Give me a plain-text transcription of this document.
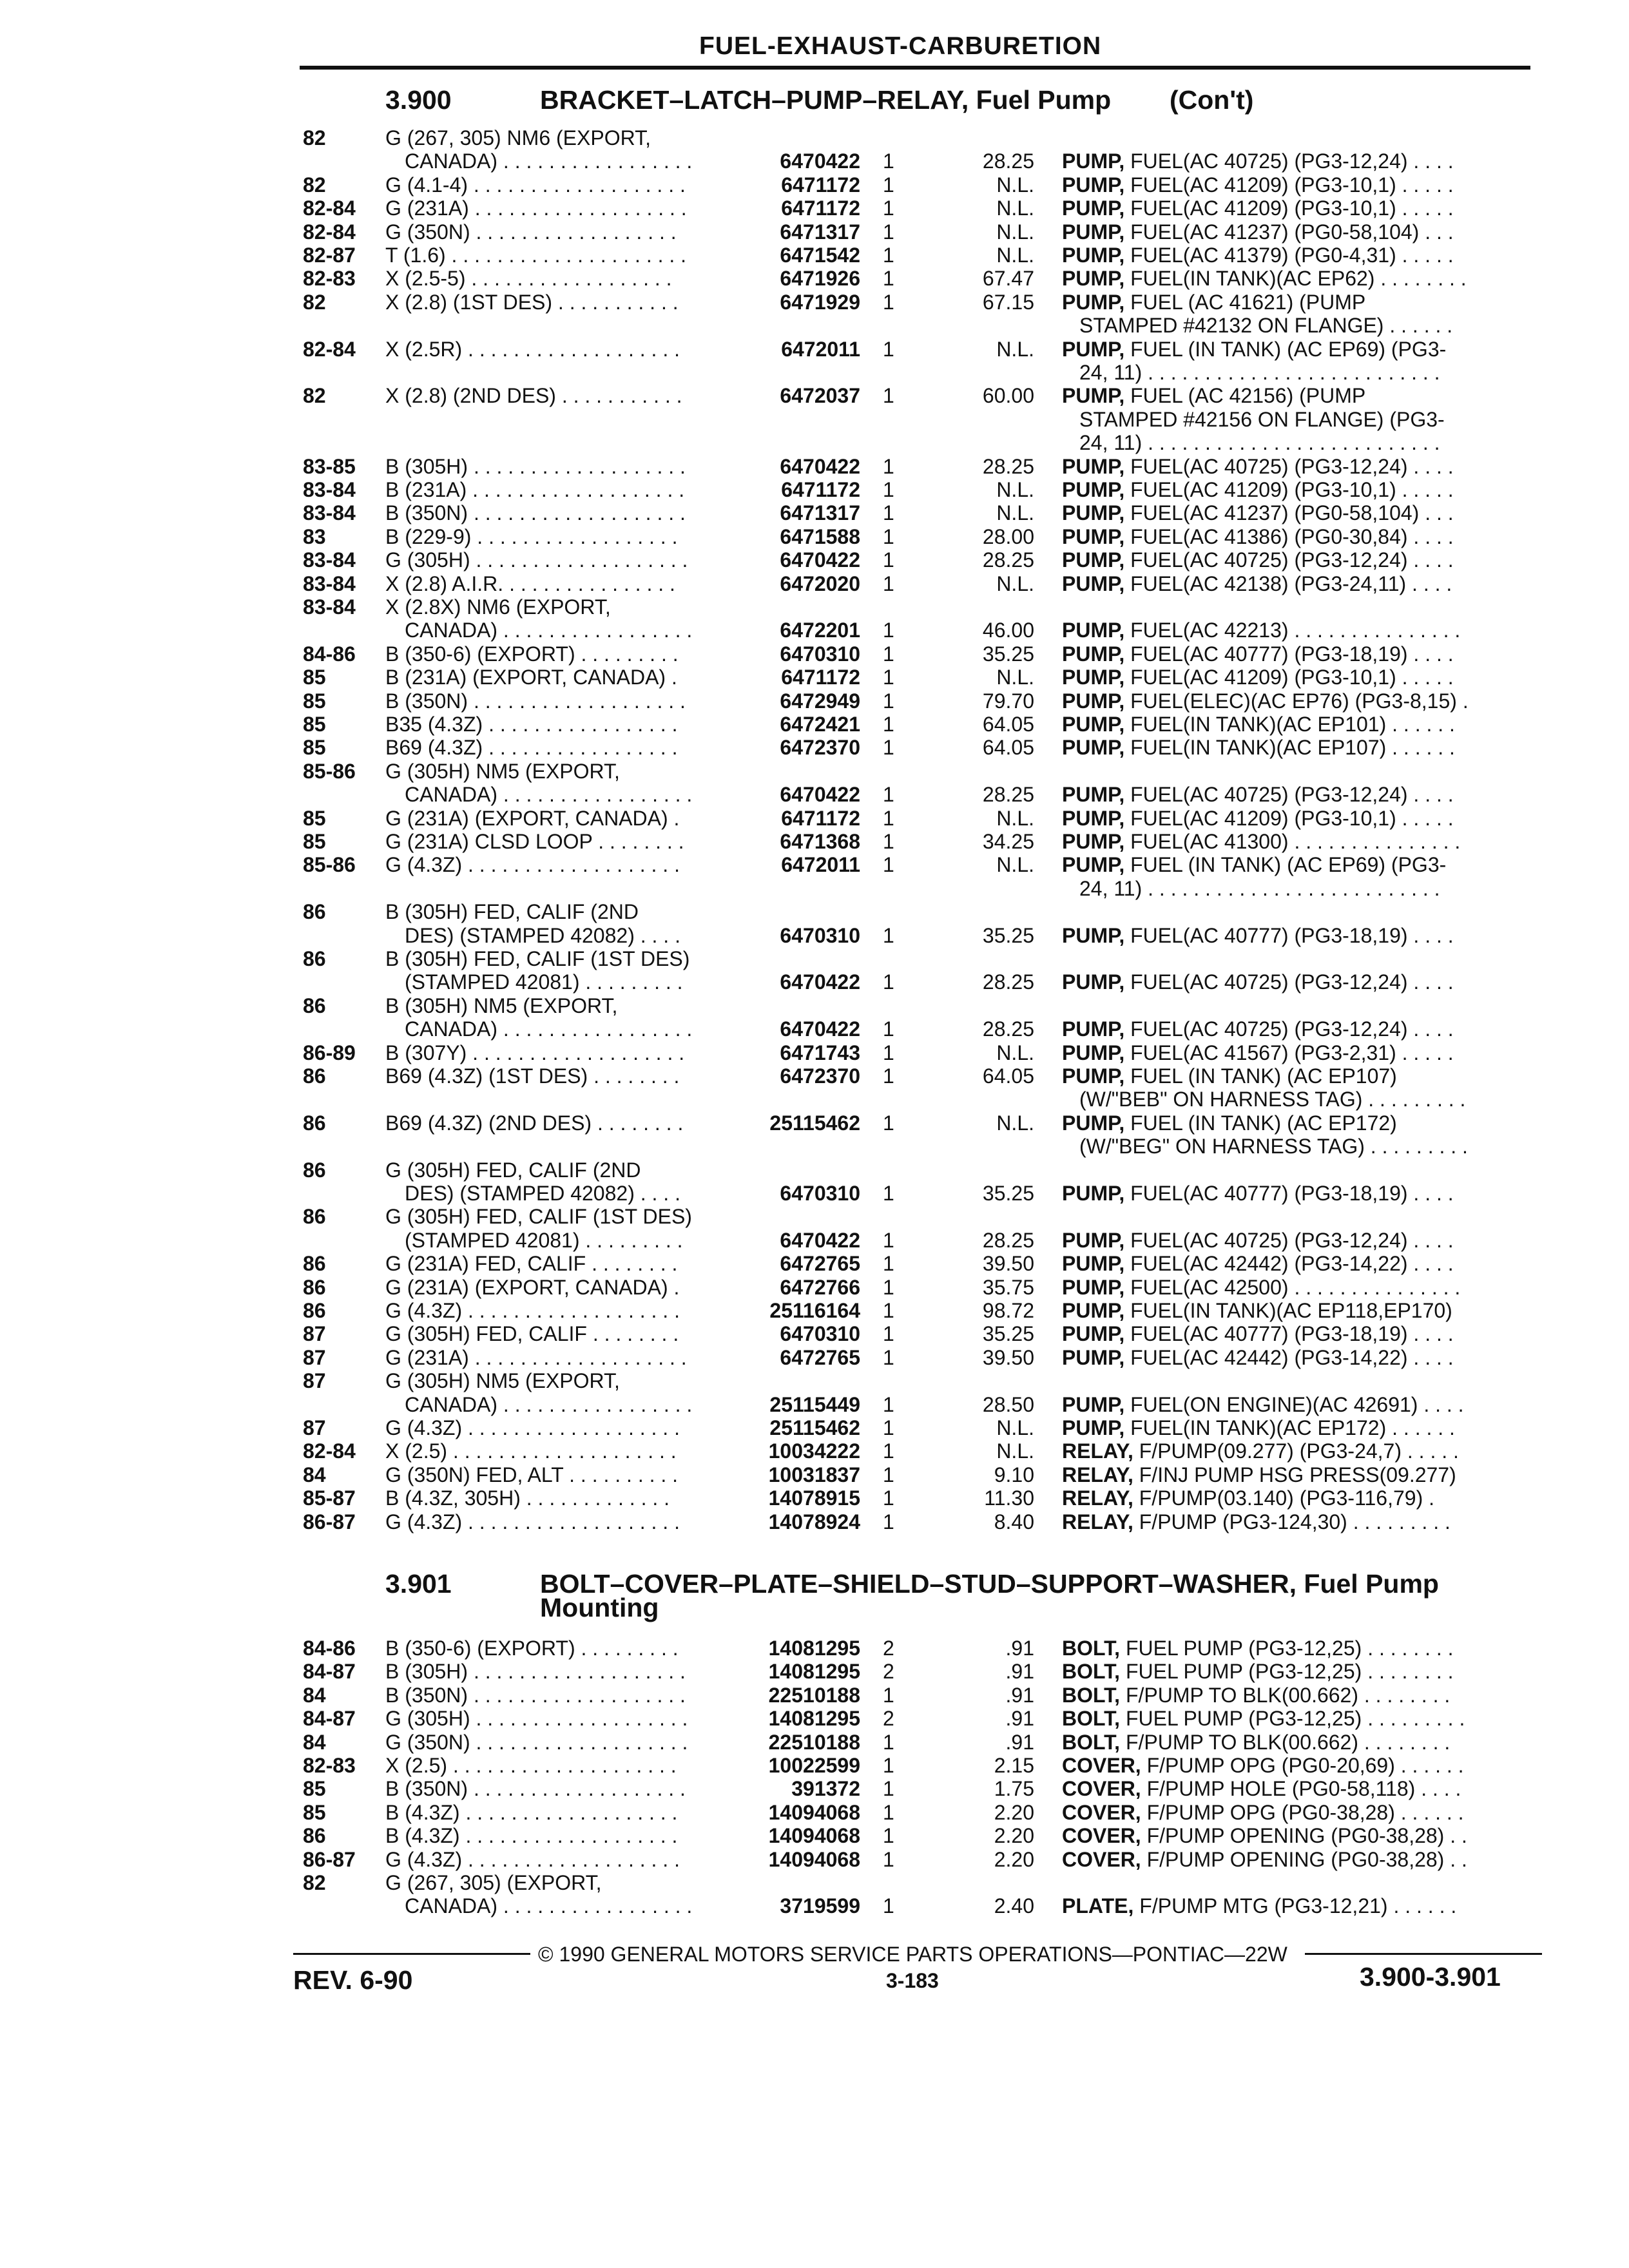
FUEL-EXHAUST-CARBURETION
3.900	BRACKET–LATCH–PUMP–RELAY, Fuel Pump (Con't)
82	G (267, 305) NM6 (EXPORT,
CANADA) . . . . . . . . . . . . . . . . .	6470422 1	28.25 PUMP, FUEL(AC 40725) (PG3-12,24) . . . .
82	G (4.1-4) . . . . . . . . . . . . . . . . . . .	6471172 1	N.L. PUMP, FUEL(AC 41209) (PG3-10,1) . . . . .
82-84	G (231A) . . . . . . . . . . . . . . . . . . .	6471172 1	N.L. PUMP, FUEL(AC 41209) (PG3-10,1) . . . . .
82-84	G (350N) . . . . . . . . . . . . . . . . . .	6471317 1	N.L. PUMP, FUEL(AC 41237) (PG0-58,104) . . .
82-87	T (1.6) . . . . . . . . . . . . . . . . . . . . .	6471542 1	N.L. PUMP, FUEL(AC 41379) (PG0-4,31) . . . . .
82-83	X (2.5-5) . . . . . . . . . . . . . . . . . .	6471926 1	67.47 PUMP, FUEL(IN TANK)(AC EP62) . . . . . . . .
82	X (2.8) (1ST DES) . . . . . . . . . . .	6471929 1	67.15 PUMP, FUEL (AC 41621) (PUMP
STAMPED #42132 ON FLANGE) . . . . . .
82-84	X (2.5R) . . . . . . . . . . . . . . . . . . .	6472011 1	N.L. PUMP, FUEL (IN TANK) (AC EP69) (PG3-
24, 11) . . . . . . . . . . . . . . . . . . . . . . . . . .
82	X (2.8) (2ND DES) . . . . . . . . . . .	6472037 1	60.00 PUMP, FUEL (AC 42156) (PUMP
STAMPED #42156 ON FLANGE) (PG3-
24, 11) . . . . . . . . . . . . . . . . . . . . . . . . . .
83-85	B (305H) . . . . . . . . . . . . . . . . . . .	6470422 1	28.25 PUMP, FUEL(AC 40725) (PG3-12,24) . . . .
83-84	B (231A) . . . . . . . . . . . . . . . . . . .	6471172 1	N.L. PUMP, FUEL(AC 41209) (PG3-10,1) . . . . .
83-84	B (350N) . . . . . . . . . . . . . . . . . . .	6471317 1	N.L. PUMP, FUEL(AC 41237) (PG0-58,104) . . .
83	B (229-9) . . . . . . . . . . . . . . . . . .	6471588 1	28.00 PUMP, FUEL(AC 41386) (PG0-30,84) . . . .
83-84	G (305H) . . . . . . . . . . . . . . . . . . .	6470422 1	28.25 PUMP, FUEL(AC 40725) (PG3-12,24) . . . .
83-84	X (2.8) A.I.R. . . . . . . . . . . . . . . .	6472020 1	N.L. PUMP, FUEL(AC 42138) (PG3-24,11) . . . .
83-84	X (2.8X) NM6 (EXPORT,
CANADA) . . . . . . . . . . . . . . . . .	6472201 1	46.00 PUMP, FUEL(AC 42213) . . . . . . . . . . . . . . .
84-86	B (350-6) (EXPORT) . . . . . . . . .	6470310 1	35.25 PUMP, FUEL(AC 40777) (PG3-18,19) . . . .
85	B (231A) (EXPORT, CANADA) .	6471172 1	N.L. PUMP, FUEL(AC 41209) (PG3-10,1) . . . . .
85	B (350N) . . . . . . . . . . . . . . . . . . .	6472949 1	79.70 PUMP, FUEL(ELEC)(AC EP76) (PG3-8,15) .
85	B35 (4.3Z) . . . . . . . . . . . . . . . . .	6472421 1	64.05 PUMP, FUEL(IN TANK)(AC EP101) . . . . . .
85	B69 (4.3Z) . . . . . . . . . . . . . . . . .	6472370 1	64.05 PUMP, FUEL(IN TANK)(AC EP107) . . . . . .
85-86	G (305H) NM5 (EXPORT,
CANADA) . . . . . . . . . . . . . . . . .	6470422 1	28.25 PUMP, FUEL(AC 40725) (PG3-12,24) . . . .
85	G (231A) (EXPORT, CANADA) .	6471172 1	N.L. PUMP, FUEL(AC 41209) (PG3-10,1) . . . . .
85	G (231A) CLSD LOOP . . . . . . . .	6471368 1	34.25 PUMP, FUEL(AC 41300) . . . . . . . . . . . . . . .
85-86	G (4.3Z) . . . . . . . . . . . . . . . . . . .	6472011 1	N.L. PUMP, FUEL (IN TANK) (AC EP69) (PG3-
24, 11) . . . . . . . . . . . . . . . . . . . . . . . . . .
86	B (305H) FED, CALIF (2ND
DES) (STAMPED 42082) . . . .	6470310 1	35.25 PUMP, FUEL(AC 40777) (PG3-18,19) . . . .
86	B (305H) FED, CALIF (1ST DES)
(STAMPED 42081) . . . . . . . . .	6470422 1	28.25 PUMP, FUEL(AC 40725) (PG3-12,24) . . . .
86	B (305H) NM5 (EXPORT,
CANADA) . . . . . . . . . . . . . . . . .	6470422 1	28.25 PUMP, FUEL(AC 40725) (PG3-12,24) . . . .
86-89	B (307Y) . . . . . . . . . . . . . . . . . . .	6471743 1	N.L. PUMP, FUEL(AC 41567) (PG3-2,31) . . . . .
86	B69 (4.3Z) (1ST DES) . . . . . . . .	6472370 1	64.05 PUMP, FUEL (IN TANK) (AC EP107)
(W/"BEB" ON HARNESS TAG) . . . . . . . . .
86	B69 (4.3Z) (2ND DES) . . . . . . . .	25115462 1	N.L. PUMP, FUEL (IN TANK) (AC EP172)
(W/"BEG" ON HARNESS TAG) . . . . . . . . .
86	G (305H) FED, CALIF (2ND
DES) (STAMPED 42082) . . . .	6470310 1	35.25 PUMP, FUEL(AC 40777) (PG3-18,19) . . . .
86	G (305H) FED, CALIF (1ST DES)
(STAMPED 42081) . . . . . . . . .	6470422 1	28.25 PUMP, FUEL(AC 40725) (PG3-12,24) . . . .
86	G (231A) FED, CALIF . . . . . . . .	6472765 1	39.50 PUMP, FUEL(AC 42442) (PG3-14,22) . . . .
86	G (231A) (EXPORT, CANADA) .	6472766 1	35.75 PUMP, FUEL(AC 42500) . . . . . . . . . . . . . . .
86	G (4.3Z) . . . . . . . . . . . . . . . . . . .	25116164 1	98.72 PUMP, FUEL(IN TANK)(AC EP118,EP170)
87	G (305H) FED, CALIF . . . . . . . .	6470310 1	35.25 PUMP, FUEL(AC 40777) (PG3-18,19) . . . .
87	G (231A) . . . . . . . . . . . . . . . . . . .	6472765 1	39.50 PUMP, FUEL(AC 42442) (PG3-14,22) . . . .
87	G (305H) NM5 (EXPORT,
CANADA) . . . . . . . . . . . . . . . . .	25115449 1	28.50 PUMP, FUEL(ON ENGINE)(AC 42691) . . . .
87	G (4.3Z) . . . . . . . . . . . . . . . . . . .	25115462 1	N.L. PUMP, FUEL(IN TANK)(AC EP172) . . . . . .
82-84	X (2.5) . . . . . . . . . . . . . . . . . . . .	10034222 1	N.L. RELAY, F/PUMP(09.277) (PG3-24,7) . . . . .
84	G (350N) FED, ALT . . . . . . . . . .	10031837 1	9.10 RELAY, F/INJ PUMP HSG PRESS(09.277)
85-87	B (4.3Z, 305H) . . . . . . . . . . . . .	14078915 1	11.30 RELAY, F/PUMP(03.140) (PG3-116,79) .
86-87	G (4.3Z) . . . . . . . . . . . . . . . . . . .	14078924 1	8.40 RELAY, F/PUMP (PG3-124,30) . . . . . . . . .
3.901	BOLT–COVER–PLATE–SHIELD–STUD–SUPPORT–WASHER, Fuel Pump
Mounting
84-86	B (350-6) (EXPORT) . . . . . . . . .	14081295 2	.91 BOLT, FUEL PUMP (PG3-12,25) . . . . . . . .
84-87	B (305H) . . . . . . . . . . . . . . . . . . .	14081295 2	.91 BOLT, FUEL PUMP (PG3-12,25) . . . . . . . .
84	B (350N) . . . . . . . . . . . . . . . . . . .	22510188 1	.91 BOLT, F/PUMP TO BLK(00.662) . . . . . . . .
84-87	G (305H) . . . . . . . . . . . . . . . . . . .	14081295 2	.91 BOLT, FUEL PUMP (PG3-12,25) . . . . . . . . .
84	G (350N) . . . . . . . . . . . . . . . . . . .	22510188 1	.91 BOLT, F/PUMP TO BLK(00.662) . . . . . . . .
82-83	X (2.5) . . . . . . . . . . . . . . . . . . . .	10022599 1	2.15 COVER, F/PUMP OPG (PG0-20,69) . . . . . .
85	B (350N) . . . . . . . . . . . . . . . . . . .	391372 1	1.75 COVER, F/PUMP HOLE (PG0-58,118) . . . .
85	B (4.3Z) . . . . . . . . . . . . . . . . . . .	14094068 1	2.20 COVER, F/PUMP OPG (PG0-38,28) . . . . . .
86	B (4.3Z) . . . . . . . . . . . . . . . . . . .	14094068 1	2.20 COVER, F/PUMP OPENING (PG0-38,28) . .
86-87	G (4.3Z) . . . . . . . . . . . . . . . . . . .	14094068 1	2.20 COVER, F/PUMP OPENING (PG0-38,28) . .
82	G (267, 305) (EXPORT,
CANADA) . . . . . . . . . . . . . . . . .	3719599 1	2.40 PLATE, F/PUMP MTG (PG3-12,21) . . . . . .
© 1990 GENERAL MOTORS SERVICE PARTS OPERATIONS—PONTIAC—22W
REV. 6-90	3-183	3.900-3.901
